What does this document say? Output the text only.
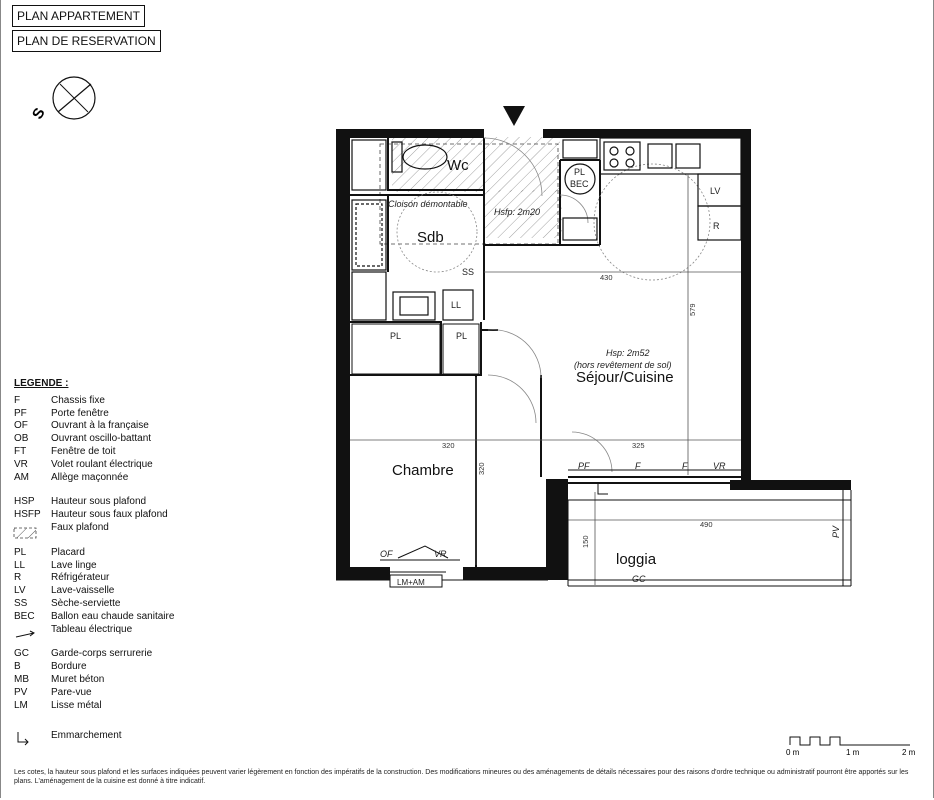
PLAN APPARTEMENT
PLAN DE RESERVATION
S
Wc
Sdb
Chambre
Séjour/Cuisine
loggia
Cloison démontable
Hsfp: 2m20
Hsp: 2m52
(hors revêtement de sol)
PL
BEC
LV
R
SS
LL
PL	PL
PF	F	F	VR
OF	VR
LM+AM	GC
PV
430
579
320	325
320
490
150
0 m	1 m	2 m
LEGENDE :
F	Chassis fixe
PF	Porte fenêtre
OF	Ouvrant à la française
OB	Ouvrant oscillo-battant
FT	Fenêtre de toit
VR	Volet roulant électrique
AM	Allège maçonnée
HSP	Hauteur sous plafond
HSFP	Hauteur sous faux plafond
Faux plafond
PL	Placard
LL	Lave linge
R	Réfrigérateur
LV	Lave-vaisselle
SS	Sèche-serviette
BEC	Ballon eau chaude sanitaire
Tableau électrique
GC	Garde-corps serrurerie
B	Bordure
MB	Muret béton
PV	Pare-vue
LM	Lisse métal
Emmarchement
Les cotes, la hauteur sous plafond et les surfaces indiquées peuvent varier légèrement en fonction des impératifs de la construction. Des modifications mineures ou des aménagements de détails nécessaires pour des raisons d'ordre technique ou administratif pourront être apportés sur les plans. L'aménagement de la cuisine est donné à titre indicatif.
